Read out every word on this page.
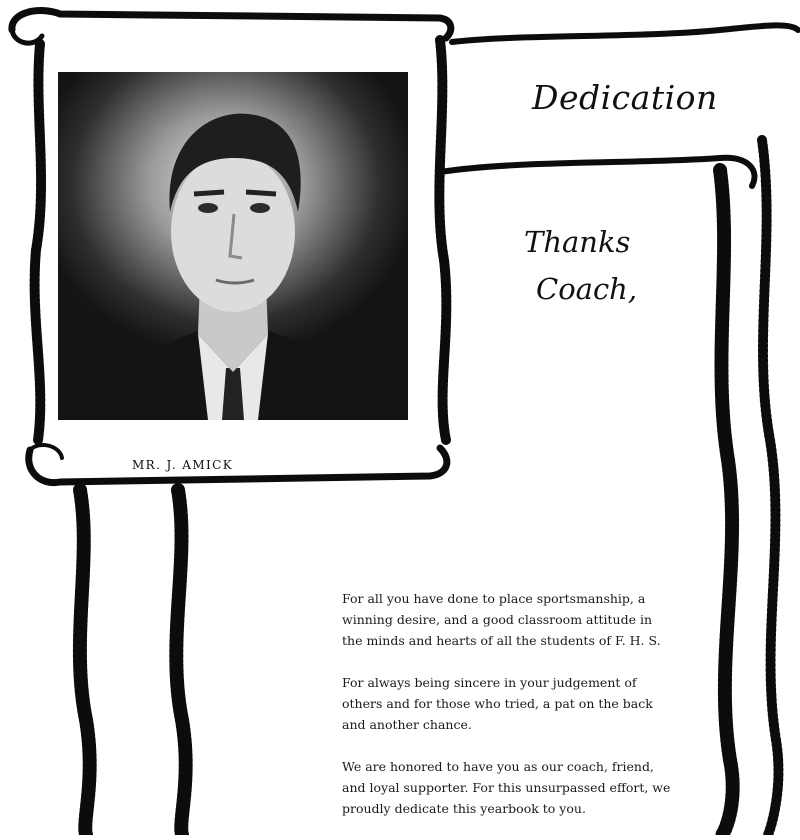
MR. J. AMICK
Dedication
Thanks
Coach,

For all you have done to place sportsmanship, a winning desire, and a good classroom attitude in the minds and hearts of all the students of F. H. S.

For always being sincere in your judgement of others and for those who tried, a pat on the back and another chance.

We are honored to have you as our coach, friend, and loyal supporter. For this unsurpassed effort, we proudly dedicate this yearbook to you.
